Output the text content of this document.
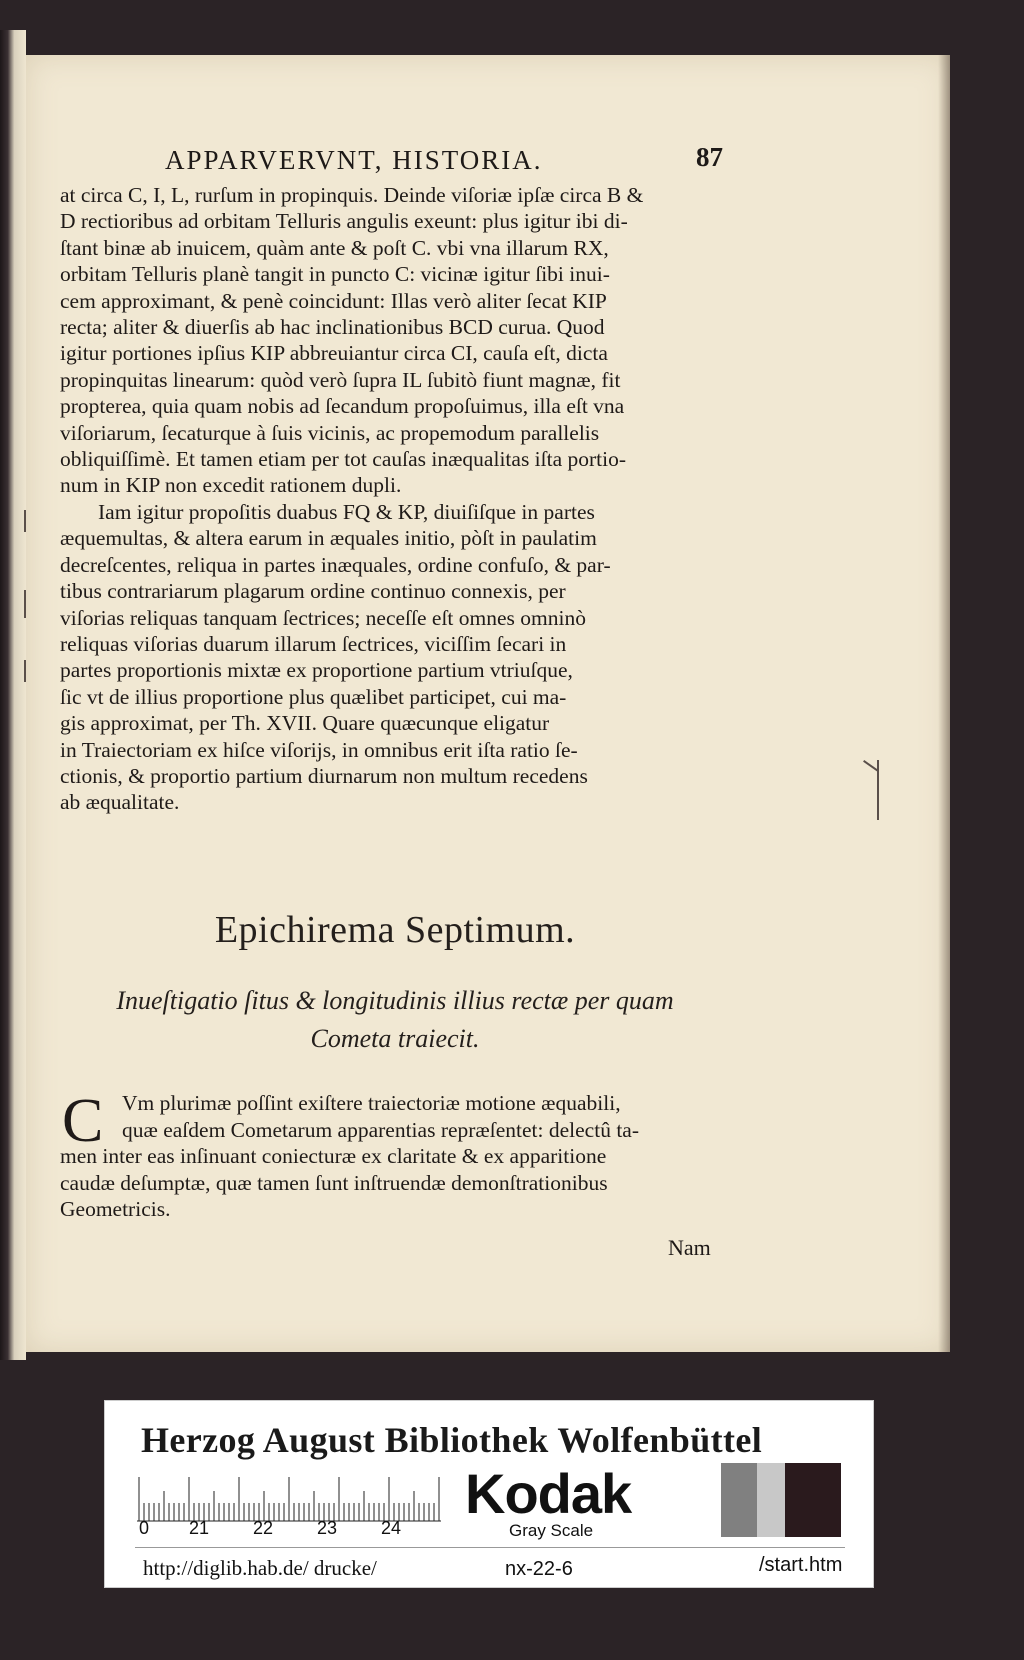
APPARVERVNT, HISTORIA.	87
at circa C, I, L, rurſum in propinquis. Deinde viſoriæ ipſæ circa B &
D rectioribus ad orbitam Telluris angulis exeunt: plus igitur ibi di-
ſtant binæ ab inuicem, quàm ante & poſt C. vbi vna illarum RX,
orbitam Telluris planè tangit in puncto C: vicinæ igitur ſibi inui-
cem approximant, & penè coincidunt: Illas verò aliter ſecat KIP
recta; aliter & diuerſis ab hac inclinationibus BCD curua. Quod
igitur portiones ipſius KIP abbreuiantur circa CI, cauſa eſt, dicta
propinquitas linearum: quòd verò ſupra IL ſubitò fiunt magnæ, fit
propterea, quia quam nobis ad ſecandum propoſuimus, illa eſt vna
viſoriarum, ſecaturque à ſuis vicinis, ac propemodum parallelis
obliquiſſimè. Et tamen etiam per tot cauſas inæqualitas iſta portio-
num in KIP non excedit rationem dupli.
Iam igitur propoſitis duabus FQ & KP, diuiſiſque in partes
æquemultas, & altera earum in æquales initio, pòſt in paulatim
decreſcentes, reliqua in partes inæquales, ordine confuſo, & par-
tibus contrariarum plagarum ordine continuo connexis, per
viſorias reliquas tanquam ſectrices; neceſſe eſt omnes omninò
reliquas viſorias duarum illarum ſectrices, viciſſim ſecari in
partes proportionis mixtæ ex proportione partium vtriuſque,
ſic vt de illius proportione plus quælibet participet, cui ma-
gis approximat, per Th. XVII. Quare quæcunque eligatur
in Traiectoriam ex hiſce viſorijs, in omnibus erit iſta ratio ſe-
ctionis, & proportio partium diurnarum non multum recedens
ab æqualitate.
Epichirema Septimum.
Inueſtigatio ſitus & longitudinis illius rectæ per quam
Cometa traiecit.
C Vm plurimæ poſſint exiſtere traiectoriæ motione æquabili,
quæ eaſdem Cometarum apparentias repræſentet: delectû ta-
men inter eas inſinuant coniecturæ ex claritate & ex apparitione
caudæ deſumptæ, quæ tamen ſunt inſtruendæ demonſtrationibus
Geometricis.
Nam
Herzog August Bibliothek Wolfenbüttel
0 21 22 23 24
Kodak
Gray Scale
http://diglib.hab.de/ drucke/	nx-22-6	/start.htm
